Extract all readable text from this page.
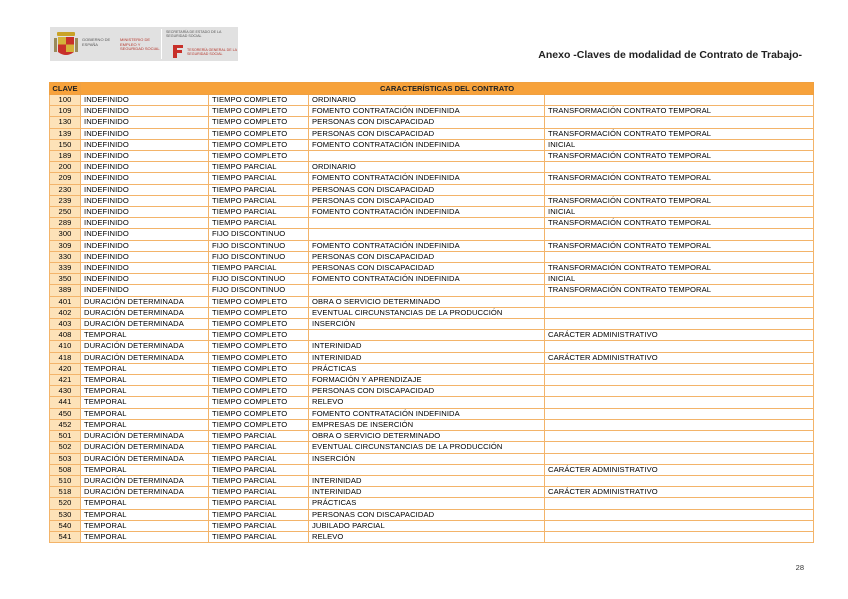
GOBIERNO DE ESPAÑA
MINISTERIO DE EMPLEO Y SEGURIDAD SOCIAL
SECRETARÍA DE ESTADO DE LA SEGURIDAD SOCIAL
TESORERÍA GENERAL DE LA SEGURIDAD SOCIAL	Anexo -Claves de modalidad de Contrato de Trabajo-
CLAVE	CARACTERÍSTICAS DEL CONTRATO			
100	INDEFINIDO	TIEMPO COMPLETO	ORDINARIO	
109	INDEFINIDO	TIEMPO COMPLETO	FOMENTO CONTRATACIÓN INDEFINIDA	TRANSFORMACIÓN CONTRATO TEMPORAL
130	INDEFINIDO	TIEMPO COMPLETO	PERSONAS CON DISCAPACIDAD	
139	INDEFINIDO	TIEMPO COMPLETO	PERSONAS CON DISCAPACIDAD	TRANSFORMACIÓN CONTRATO TEMPORAL
150	INDEFINIDO	TIEMPO COMPLETO	FOMENTO CONTRATACIÓN INDEFINIDA	INICIAL
189	INDEFINIDO	TIEMPO COMPLETO		TRANSFORMACIÓN CONTRATO TEMPORAL
200	INDEFINIDO	TIEMPO PARCIAL	ORDINARIO	
209	INDEFINIDO	TIEMPO PARCIAL	FOMENTO CONTRATACIÓN INDEFINIDA	TRANSFORMACIÓN CONTRATO TEMPORAL
230	INDEFINIDO	TIEMPO PARCIAL	PERSONAS CON DISCAPACIDAD	
239	INDEFINIDO	TIEMPO PARCIAL	PERSONAS CON DISCAPACIDAD	TRANSFORMACIÓN CONTRATO TEMPORAL
250	INDEFINIDO	TIEMPO PARCIAL	FOMENTO CONTRATACIÓN INDEFINIDA	INICIAL
289	INDEFINIDO	TIEMPO PARCIAL		TRANSFORMACIÓN CONTRATO TEMPORAL
300	INDEFINIDO	FIJO DISCONTINUO		
309	INDEFINIDO	FIJO DISCONTINUO	FOMENTO CONTRATACIÓN INDEFINIDA	TRANSFORMACIÓN CONTRATO TEMPORAL
330	INDEFINIDO	FIJO DISCONTINUO	PERSONAS CON DISCAPACIDAD	
339	INDEFINIDO	TIEMPO PARCIAL	PERSONAS CON DISCAPACIDAD	TRANSFORMACIÓN CONTRATO TEMPORAL
350	INDEFINIDO	FIJO DISCONTINUO	FOMENTO CONTRATACIÓN INDEFINIDA	INICIAL
389	INDEFINIDO	FIJO DISCONTINUO		TRANSFORMACIÓN CONTRATO TEMPORAL
401	DURACIÓN DETERMINADA	TIEMPO COMPLETO	OBRA O SERVICIO DETERMINADO	
402	DURACIÓN DETERMINADA	TIEMPO COMPLETO	EVENTUAL CIRCUNSTANCIAS DE LA PRODUCCIÓN	
403	DURACIÓN DETERMINADA	TIEMPO COMPLETO	INSERCIÓN	
408	TEMPORAL	TIEMPO COMPLETO		CARÁCTER ADMINISTRATIVO
410	DURACIÓN DETERMINADA	TIEMPO COMPLETO	INTERINIDAD	
418	DURACIÓN DETERMINADA	TIEMPO COMPLETO	INTERINIDAD	CARÁCTER ADMINISTRATIVO
420	TEMPORAL	TIEMPO COMPLETO	PRÁCTICAS	
421	TEMPORAL	TIEMPO COMPLETO	FORMACIÓN Y APRENDIZAJE	
430	TEMPORAL	TIEMPO COMPLETO	PERSONAS CON DISCAPACIDAD	
441	TEMPORAL	TIEMPO COMPLETO	RELEVO	
450	TEMPORAL	TIEMPO COMPLETO	FOMENTO CONTRATACIÓN INDEFINIDA	
452	TEMPORAL	TIEMPO COMPLETO	EMPRESAS DE INSERCIÓN	
501	DURACIÓN DETERMINADA	TIEMPO PARCIAL	OBRA O SERVICIO DETERMINADO	
502	DURACIÓN DETERMINADA	TIEMPO PARCIAL	EVENTUAL CIRCUNSTANCIAS DE LA PRODUCCIÓN	
503	DURACIÓN DETERMINADA	TIEMPO PARCIAL	INSERCIÓN	
508	TEMPORAL	TIEMPO PARCIAL		CARÁCTER ADMINISTRATIVO
510	DURACIÓN DETERMINADA	TIEMPO PARCIAL	INTERINIDAD	
518	DURACIÓN DETERMINADA	TIEMPO PARCIAL	INTERINIDAD	CARÁCTER ADMINISTRATIVO
520	TEMPORAL	TIEMPO PARCIAL	PRÁCTICAS	
530	TEMPORAL	TIEMPO PARCIAL	PERSONAS CON DISCAPACIDAD	
540	TEMPORAL	TIEMPO PARCIAL	JUBILADO PARCIAL	
541	TEMPORAL	TIEMPO PARCIAL	RELEVO	
28
